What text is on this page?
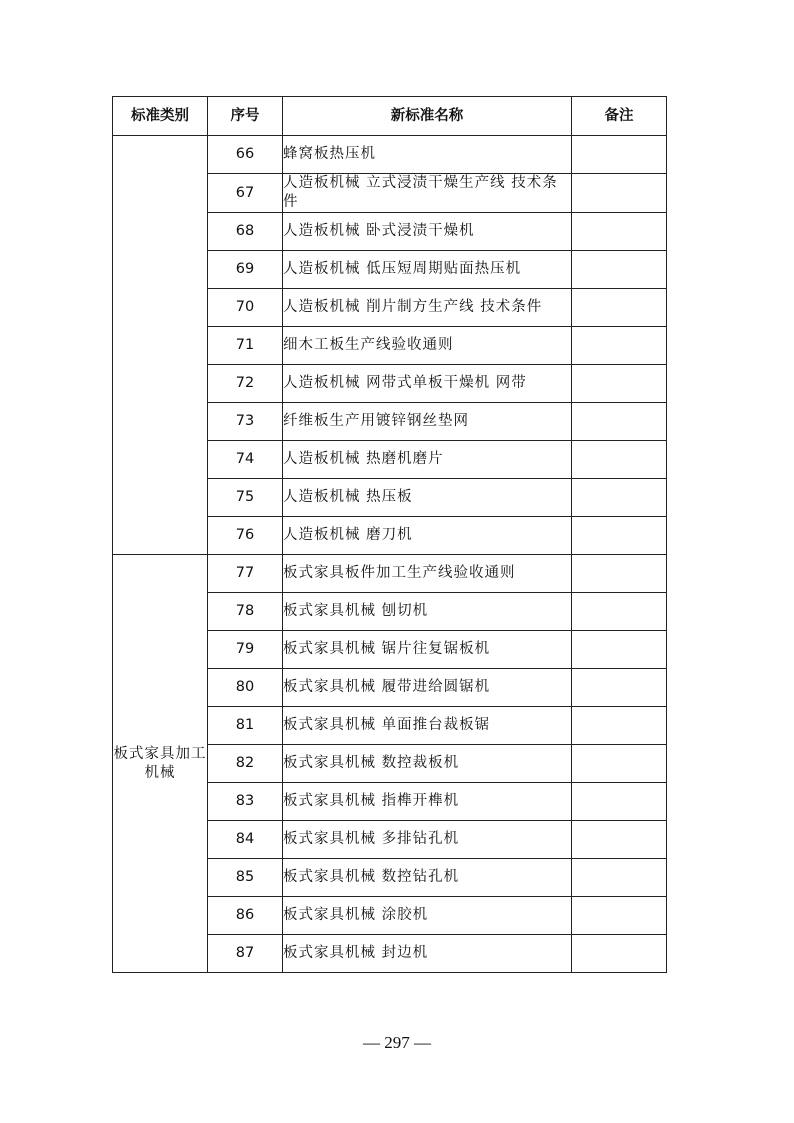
标准类别	序号	新标准名称	备注
	66	蜂窝板热压机	
	67	人造板机械 立式浸渍干燥生产线 技术条件	
	68	人造板机械 卧式浸渍干燥机	
	69	人造板机械 低压短周期贴面热压机	
	70	人造板机械 削片制方生产线 技术条件	
	71	细木工板生产线验收通则	
	72	人造板机械 网带式单板干燥机 网带	
	73	纤维板生产用镀锌钢丝垫网	
	74	人造板机械 热磨机磨片	
	75	人造板机械 热压板	
	76	人造板机械 磨刀机	
板式家具加工机械	77	板式家具板件加工生产线验收通则	
	78	板式家具机械 刨切机	
	79	板式家具机械 锯片往复锯板机	
	80	板式家具机械 履带进给圆锯机	
	81	板式家具机械 单面推台裁板锯	
	82	板式家具机械 数控裁板机	
	83	板式家具机械 指榫开榫机	
	84	板式家具机械 多排钻孔机	
	85	板式家具机械 数控钻孔机	
	86	板式家具机械 涂胶机	
	87	板式家具机械 封边机	
— 297 —
